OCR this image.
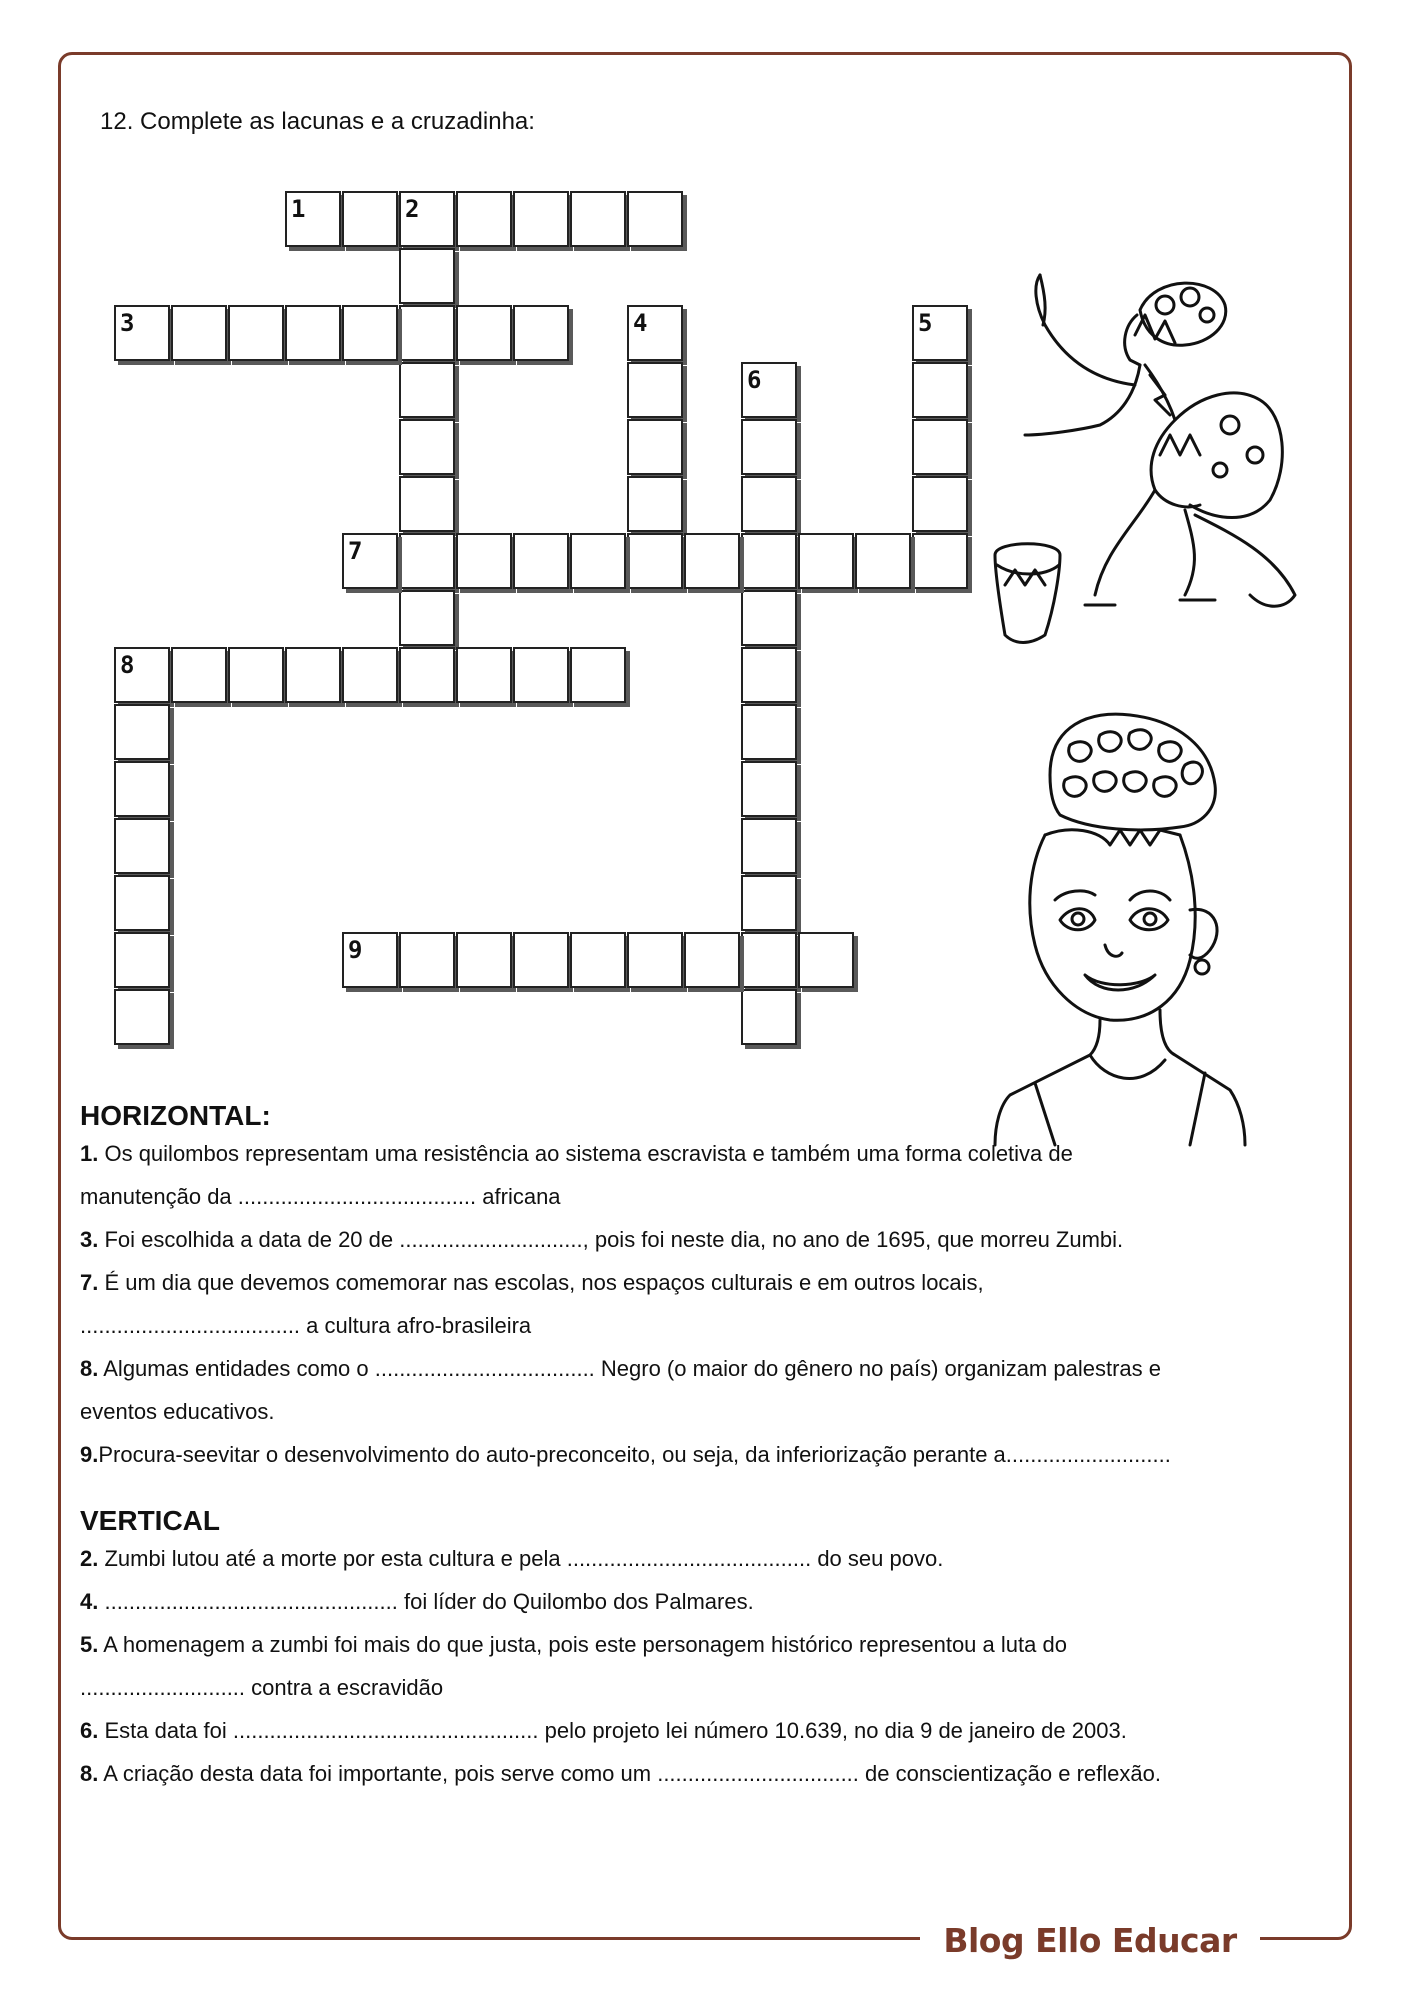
Blog Ello Educar
12. Complete as lacunas e a cruzadinha:
1	2
3	4	5
6
7
8
9
HORIZONTAL:
1. Os quilombos representam uma resistência ao sistema escravista e também uma forma coletiva de
manutenção da ....................................... africana
3. Foi escolhida a data de 20 de .............................., pois foi neste dia, no ano de 1695, que morreu Zumbi.
7. É um dia que devemos comemorar nas escolas, nos espaços culturais e em outros locais,
.................................... a cultura afro-brasileira
8. Algumas entidades como o .................................... Negro (o maior do gênero no país) organizam palestras e
eventos educativos.
9.Procura-seevitar o desenvolvimento do auto-preconceito, ou seja, da inferiorização perante a...........................
VERTICAL
2. Zumbi lutou até a morte por esta cultura e pela ........................................ do seu povo.
4. ................................................ foi líder do Quilombo dos Palmares.
5. A homenagem a zumbi foi mais do que justa, pois este personagem histórico representou a luta do
........................... contra a escravidão
6. Esta data foi .................................................. pelo projeto lei número 10.639, no dia 9 de janeiro de 2003.
8. A criação desta data foi importante, pois serve como um ................................. de conscientização e reflexão.
